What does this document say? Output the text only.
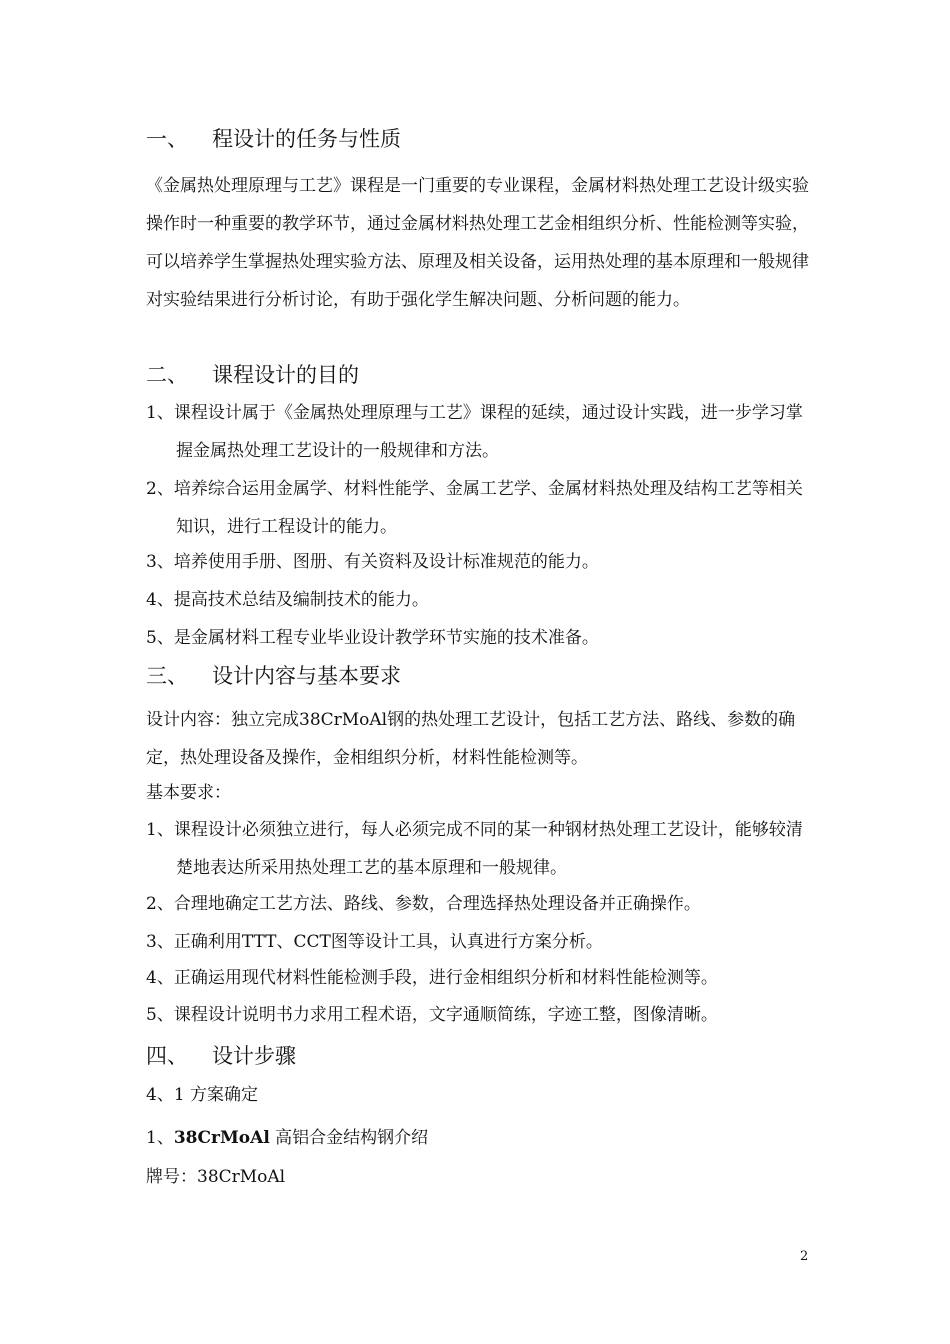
一、 程设计的任务与性质

《金属热处理原理与工艺》课程是一门重要的专业课程，金属材料热处理工艺设计级实验操作时一种重要的教学环节，通过金属材料热处理工艺金相组织分析、性能检测等实验，可以培养学生掌握热处理实验方法、原理及相关设备，运用热处理的基本原理和一般规律对实验结果进行分析讨论，有助于强化学生解决问题、分析问题的能力。

二、 课程设计的目的

1、课程设计属于《金属热处理原理与工艺》课程的延续，通过设计实践，进一步学习掌握金属热处理工艺设计的一般规律和方法。

2、培养综合运用金属学、材料性能学、金属工艺学、金属材料热处理及结构工艺等相关知识，进行工程设计的能力。

3、培养使用手册、图册、有关资料及设计标准规范的能力。

4、提高技术总结及编制技术的能力。

5、是金属材料工程专业毕业设计教学环节实施的技术准备。

三、 设计内容与基本要求

设计内容：独立完成38CrMoAl钢的热处理工艺设计，包括工艺方法、路线、参数的确定，热处理设备及操作，金相组织分析，材料性能检测等。

基本要求：

1、课程设计必须独立进行，每人必须完成不同的某一种钢材热处理工艺设计，能够较清楚地表达所采用热处理工艺的基本原理和一般规律。

2、合理地确定工艺方法、路线、参数，合理选择热处理设备并正确操作。

3、正确利用TTT、CCT图等设计工具，认真进行方案分析。

4、正确运用现代材料性能检测手段，进行金相组织分析和材料性能检测等。

5、课程设计说明书力求用工程术语，文字通顺简练，字迹工整，图像清晰。

四、 设计步骤

4、1 方案确定

1、38CrMoAl 高铝合金结构钢介绍

牌号：38CrMoAl

2
